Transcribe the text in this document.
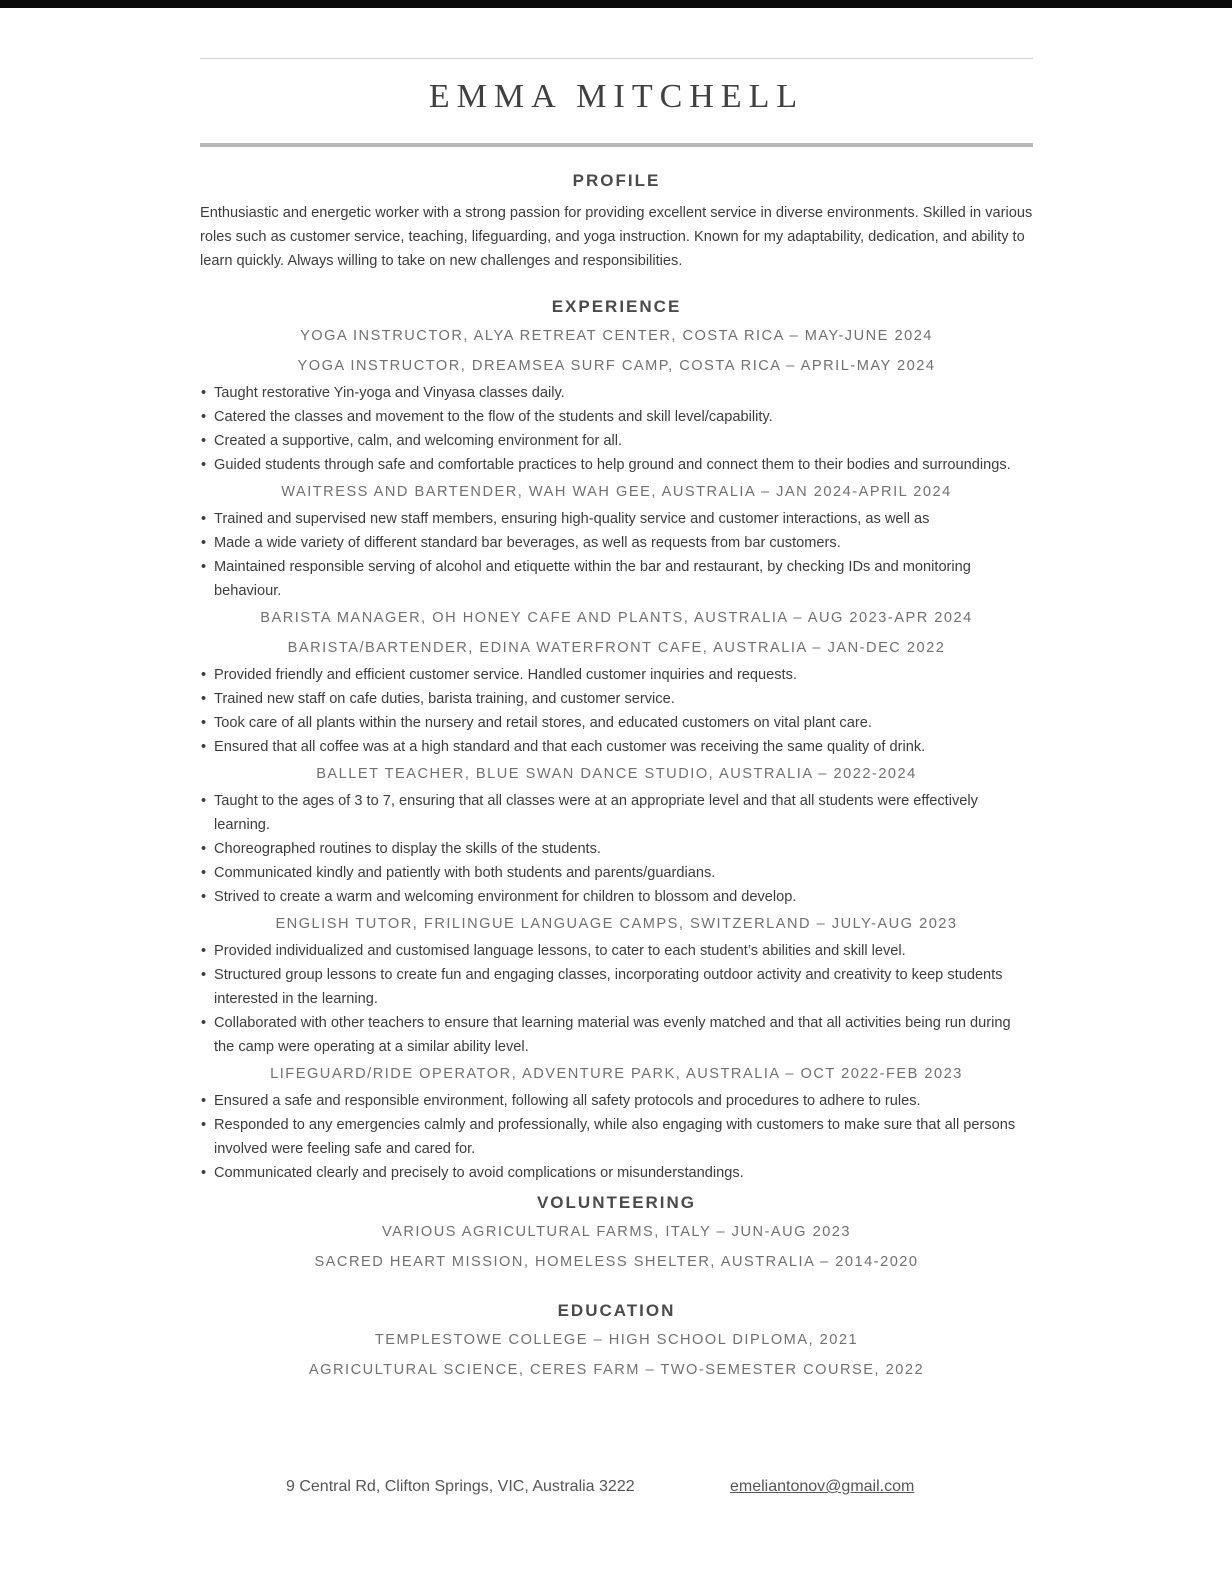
EMMA MITCHELL
PROFILE

Enthusiastic and energetic worker with a strong passion for providing excellent service in diverse environments. Skilled in various roles such as customer service, teaching, lifeguarding, and yoga instruction. Known for my adaptability, dedication, and ability to learn quickly. Always willing to take on new challenges and responsibilities.

EXPERIENCE

YOGA INSTRUCTOR, ALYA RETREAT CENTER, COSTA RICA – MAY-JUNE 2024

YOGA INSTRUCTOR, DREAMSEA SURF CAMP, COSTA RICA – APRIL-MAY 2024

• Taught restorative Yin-yoga and Vinyasa classes daily.
• Catered the classes and movement to the flow of the students and skill level/capability.
• Created a supportive, calm, and welcoming environment for all.
• Guided students through safe and comfortable practices to help ground and connect them to their bodies and surroundings.

WAITRESS AND BARTENDER, WAH WAH GEE, AUSTRALIA – JAN 2024-APRIL 2024

• Trained and supervised new staff members, ensuring high-quality service and customer interactions, as well as
• Made a wide variety of different standard bar beverages, as well as requests from bar customers.
• Maintained responsible serving of alcohol and etiquette within the bar and restaurant, by checking IDs and monitoring behaviour.

BARISTA MANAGER, OH HONEY CAFE AND PLANTS, AUSTRALIA – AUG 2023-APR 2024

BARISTA/BARTENDER, EDINA WATERFRONT CAFE, AUSTRALIA – JAN-DEC 2022

• Provided friendly and efficient customer service. Handled customer inquiries and requests.
• Trained new staff on cafe duties, barista training, and customer service.
• Took care of all plants within the nursery and retail stores, and educated customers on vital plant care.
• Ensured that all coffee was at a high standard and that each customer was receiving the same quality of drink.

BALLET TEACHER, BLUE SWAN DANCE STUDIO, AUSTRALIA – 2022-2024

• Taught to the ages of 3 to 7, ensuring that all classes were at an appropriate level and that all students were effectively learning.
• Choreographed routines to display the skills of the students.
• Communicated kindly and patiently with both students and parents/guardians.
• Strived to create a warm and welcoming environment for children to blossom and develop.

ENGLISH TUTOR, FRILINGUE LANGUAGE CAMPS, SWITZERLAND – JULY-AUG 2023

• Provided individualized and customised language lessons, to cater to each student’s abilities and skill level.
• Structured group lessons to create fun and engaging classes, incorporating outdoor activity and creativity to keep students interested in the learning.
• Collaborated with other teachers to ensure that learning material was evenly matched and that all activities being run during the camp were operating at a similar ability level.

LIFEGUARD/RIDE OPERATOR, ADVENTURE PARK, AUSTRALIA – OCT 2022-FEB 2023

• Ensured a safe and responsible environment, following all safety protocols and procedures to adhere to rules.
• Responded to any emergencies calmly and professionally, while also engaging with customers to make sure that all persons involved were feeling safe and cared for.
• Communicated clearly and precisely to avoid complications or misunderstandings.
VOLUNTEERING

VARIOUS AGRICULTURAL FARMS, ITALY – JUN-AUG 2023

SACRED HEART MISSION, HOMELESS SHELTER, AUSTRALIA – 2014-2020

EDUCATION

TEMPLESTOWE COLLEGE – HIGH SCHOOL DIPLOMA, 2021

AGRICULTURAL SCIENCE, CERES FARM – TWO-SEMESTER COURSE, 2022

9 Central Rd, Clifton Springs, VIC, Australia 3222	emeliantonov@gmail.com
